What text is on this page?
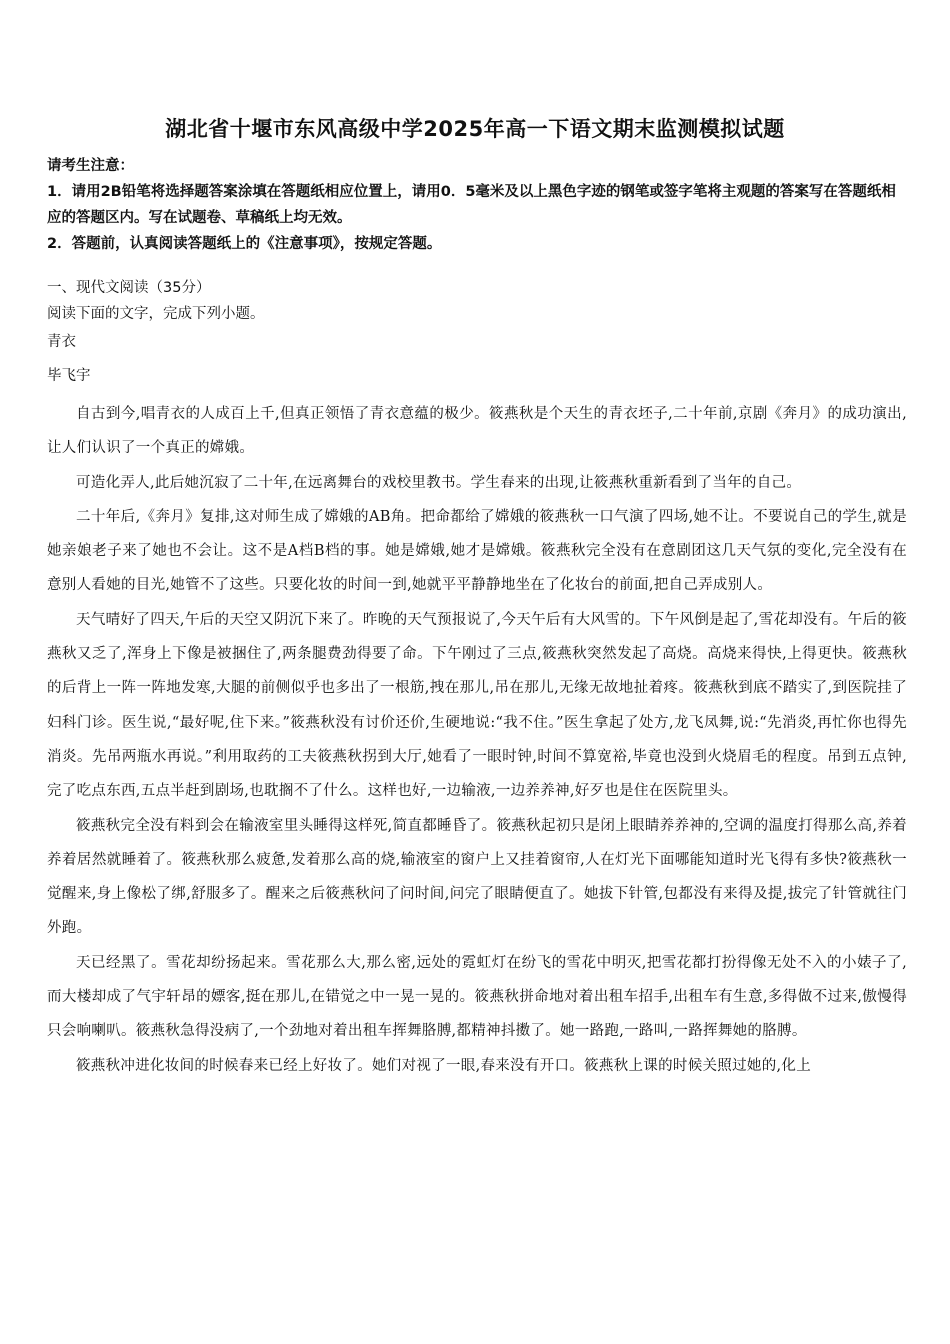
湖北省十堰市东风高级中学2025年高一下语文期末监测模拟试题
请考生注意：
1．请用2B铅笔将选择题答案涂填在答题纸相应位置上，请用0．5毫米及以上黑色字迹的钢笔或签字笔将主观题的答案写在答题纸相应的答题区内。写在试题卷、草稿纸上均无效。
2．答题前，认真阅读答题纸上的《注意事项》，按规定答题。
一、现代文阅读（35分）
阅读下面的文字，完成下列小题。
青衣
毕飞宇

自古到今,唱青衣的人成百上千,但真正领悟了青衣意蕴的极少。筱燕秋是个天生的青衣坯子,二十年前,京剧《奔月》的成功演出,让人们认识了一个真正的嫦娥。

可造化弄人,此后她沉寂了二十年,在远离舞台的戏校里教书。学生春来的出现,让筱燕秋重新看到了当年的自己。

二十年后,《奔月》复排,这对师生成了嫦娥的AB角。把命都给了嫦娥的筱燕秋一口气演了四场,她不让。不要说自己的学生,就是她亲娘老子来了她也不会让。这不是A档B档的事。她是嫦娥,她才是嫦娥。筱燕秋完全没有在意剧团这几天气氛的变化,完全没有在意别人看她的目光,她管不了这些。只要化妆的时间一到,她就平平静静地坐在了化妆台的前面,把自己弄成别人。

天气晴好了四天,午后的天空又阴沉下来了。昨晚的天气预报说了,今天午后有大风雪的。下午风倒是起了,雪花却没有。午后的筱燕秋又乏了,浑身上下像是被捆住了,两条腿费劲得要了命。下午刚过了三点,筱燕秋突然发起了高烧。高烧来得快,上得更快。筱燕秋的后背上一阵一阵地发寒,大腿的前侧似乎也多出了一根筋,拽在那儿,吊在那儿,无缘无故地扯着疼。筱燕秋到底不踏实了,到医院挂了妇科门诊。医生说,“最好呢,住下来。”筱燕秋没有讨价还价,生硬地说:“我不住。”医生拿起了处方,龙飞凤舞,说:“先消炎,再忙你也得先消炎。先吊两瓶水再说。”利用取药的工夫筱燕秋拐到大厅,她看了一眼时钟,时间不算宽裕,毕竟也没到火烧眉毛的程度。吊到五点钟,完了吃点东西,五点半赶到剧场,也耽搁不了什么。这样也好,一边输液,一边养养神,好歹也是住在医院里头。

筱燕秋完全没有料到会在输液室里头睡得这样死,简直都睡昏了。筱燕秋起初只是闭上眼睛养养神的,空调的温度打得那么高,养着养着居然就睡着了。筱燕秋那么疲惫,发着那么高的烧,输液室的窗户上又挂着窗帘,人在灯光下面哪能知道时光飞得有多快?筱燕秋一觉醒来,身上像松了绑,舒服多了。醒来之后筱燕秋问了问时间,问完了眼睛便直了。她拔下针管,包都没有来得及提,拔完了针管就往门外跑。

天已经黑了。雪花却纷扬起来。雪花那么大,那么密,远处的霓虹灯在纷飞的雪花中明灭,把雪花都打扮得像无处不入的小婊子了,而大楼却成了气宇轩昂的嫖客,挺在那儿,在错觉之中一晃一晃的。筱燕秋拼命地对着出租车招手,出租车有生意,多得做不过来,傲慢得只会响喇叭。筱燕秋急得没病了,一个劲地对着出租车挥舞胳膊,都精神抖擞了。她一路跑,一路叫,一路挥舞她的胳膊。

筱燕秋冲进化妆间的时候春来已经上好妆了。她们对视了一眼,春来没有开口。筱燕秋上课的时候关照过她的,化上
